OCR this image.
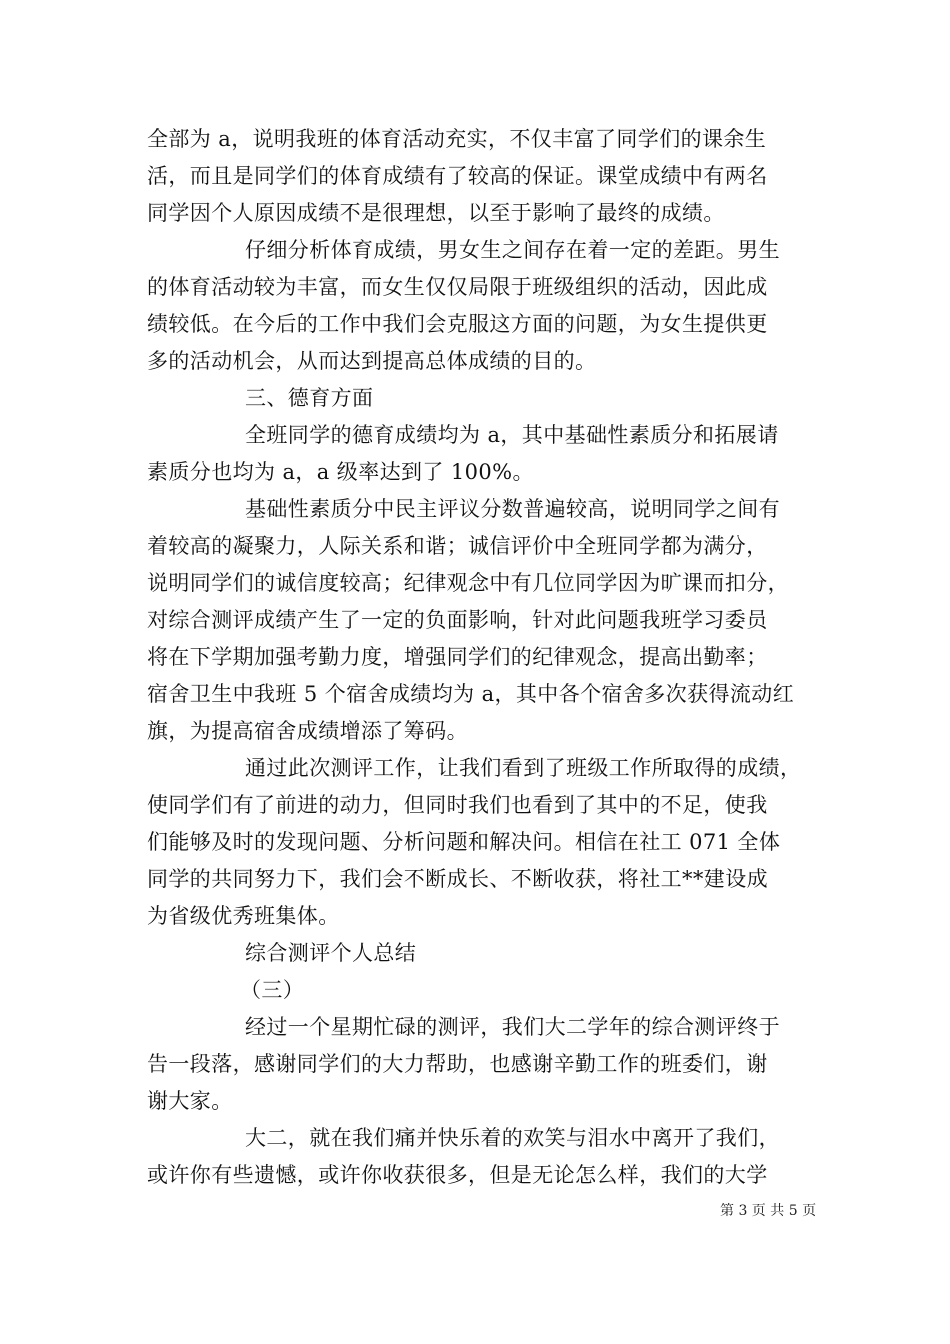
全部为 a，说明我班的体育活动充实，不仅丰富了同学们的课余生
活，而且是同学们的体育成绩有了较高的保证。课堂成绩中有两名
同学因个人原因成绩不是很理想，以至于影响了最终的成绩。
仔细分析体育成绩，男女生之间存在着一定的差距。男生
的体育活动较为丰富，而女生仅仅局限于班级组织的活动，因此成
绩较低。在今后的工作中我们会克服这方面的问题，为女生提供更
多的活动机会，从而达到提高总体成绩的目的。
三、德育方面
全班同学的德育成绩均为 a，其中基础性素质分和拓展请
素质分也均为 a，a 级率达到了 100%。
基础性素质分中民主评议分数普遍较高，说明同学之间有
着较高的凝聚力，人际关系和谐；诚信评价中全班同学都为满分，
说明同学们的诚信度较高；纪律观念中有几位同学因为旷课而扣分，
对综合测评成绩产生了一定的负面影响，针对此问题我班学习委员
将在下学期加强考勤力度，增强同学们的纪律观念，提高出勤率；
宿舍卫生中我班 5 个宿舍成绩均为 a，其中各个宿舍多次获得流动红
旗，为提高宿舍成绩增添了筹码。
通过此次测评工作，让我们看到了班级工作所取得的成绩，
使同学们有了前进的动力，但同时我们也看到了其中的不足，使我
们能够及时的发现问题、分析问题和解决问。相信在社工 071 全体
同学的共同努力下，我们会不断成长、不断收获，将社工**建设成
为省级优秀班集体。
综合测评个人总结
（三）
经过一个星期忙碌的测评，我们大二学年的综合测评终于
告一段落，感谢同学们的大力帮助，也感谢辛勤工作的班委们，谢
谢大家。
大二，就在我们痛并快乐着的欢笑与泪水中离开了我们，
或许你有些遗憾，或许你收获很多，但是无论怎么样，我们的大学
第 3 页 共 5 页
